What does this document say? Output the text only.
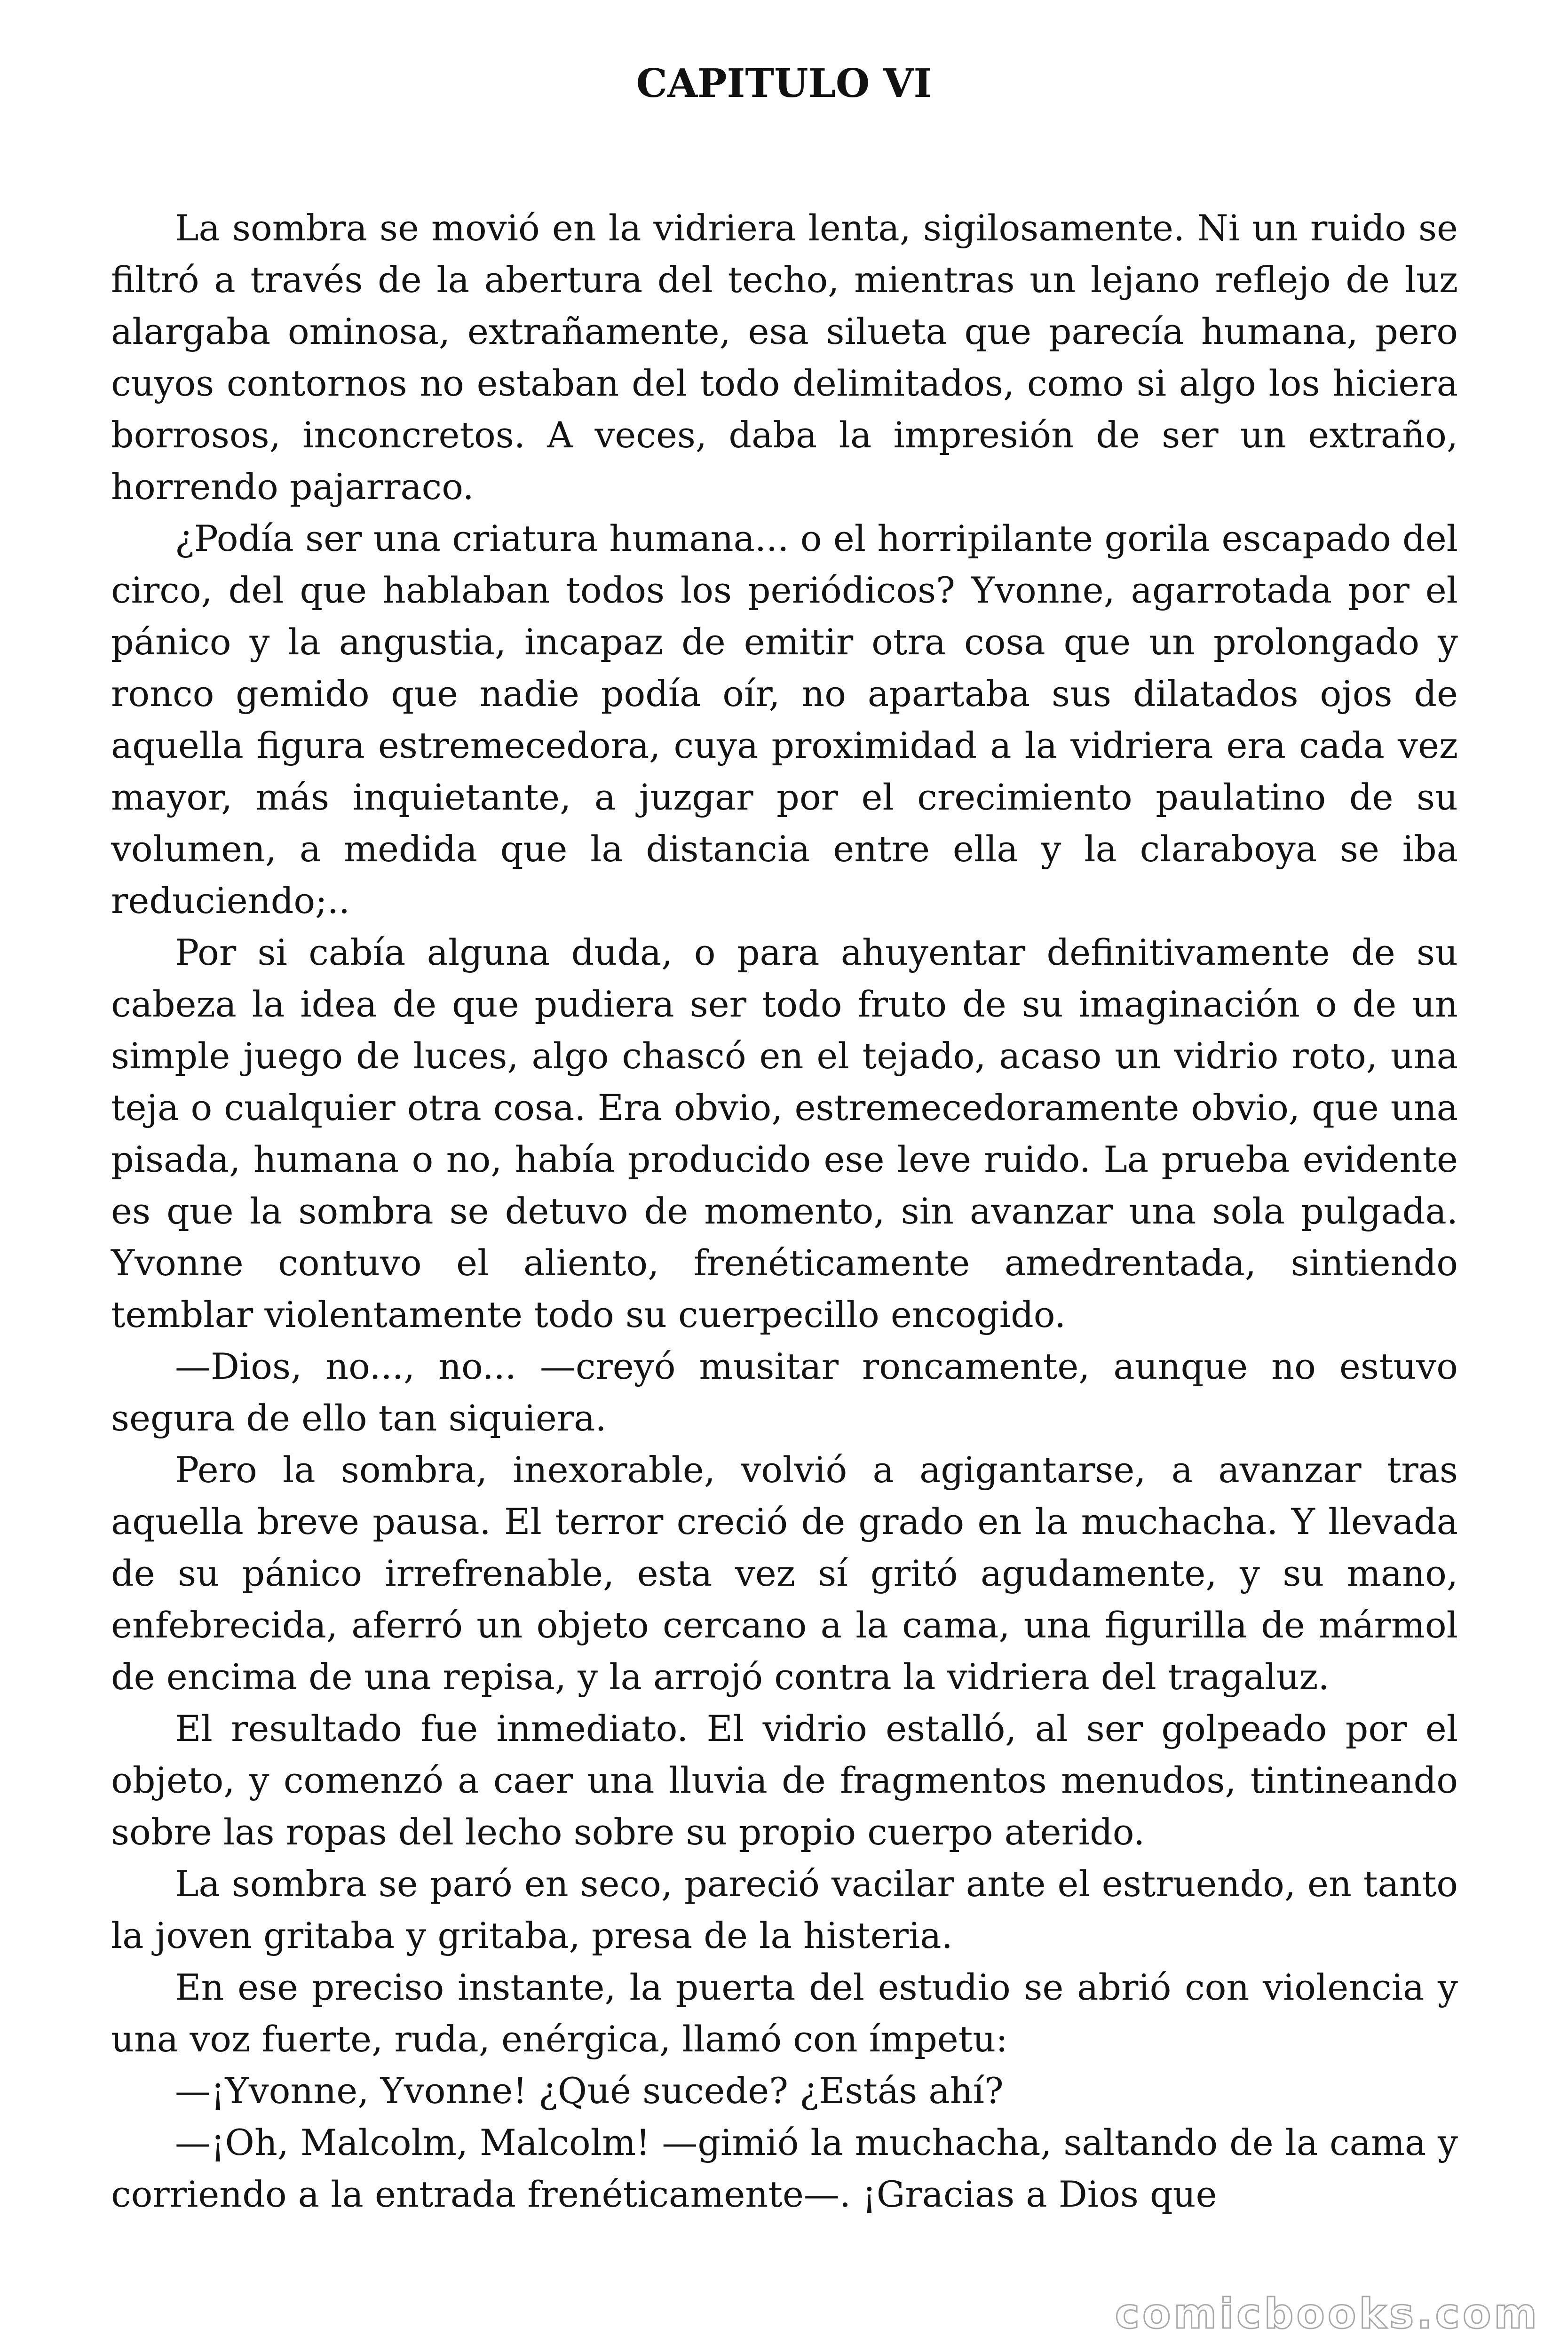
CAPITULO VI

La sombra se movió en la vidriera lenta, sigilosamente. Ni un ruido se filtró a través de la abertura del techo, mientras un lejano reflejo de luz alargaba ominosa, extrañamente, esa silueta que parecía humana, pero cuyos contornos no estaban del todo delimitados, como si algo los hiciera borrosos, inconcretos. A veces, daba la impresión de ser un extraño, horrendo pajarraco.

¿Podía ser una criatura humana... o el horripilante gorila escapado del circo, del que hablaban todos los periódicos? Yvonne, agarrotada por el pánico y la angustia, incapaz de emitir otra cosa que un prolongado y ronco gemido que nadie podía oír, no apartaba sus dilatados ojos de aquella figura estremecedora, cuya proximidad a la vidriera era cada vez mayor, más inquietante, a juzgar por el crecimiento paulatino de su volumen, a medida que la distancia entre ella y la claraboya se iba reduciendo;..

Por si cabía alguna duda, o para ahuyentar definitivamente de su cabeza la idea de que pudiera ser todo fruto de su imaginación o de un simple juego de luces, algo chascó en el tejado, acaso un vidrio roto, una teja o cualquier otra cosa. Era obvio, estremecedoramente obvio, que una pisada, humana o no, había producido ese leve ruido. La prueba evidente es que la sombra se detuvo de momento, sin avanzar una sola pulgada. Yvonne contuvo el aliento, frenéticamente amedrentada, sintiendo temblar violentamente todo su cuerpecillo encogido.

—Dios, no..., no... —creyó musitar roncamente, aunque no estuvo segura de ello tan siquiera.

Pero la sombra, inexorable, volvió a agigantarse, a avanzar tras aquella breve pausa. El terror creció de grado en la muchacha. Y llevada de su pánico irrefrenable, esta vez sí gritó agudamente, y su mano, enfebrecida, aferró un objeto cercano a la cama, una figurilla de mármol de encima de una repisa, y la arrojó contra la vidriera del tragaluz.

El resultado fue inmediato. El vidrio estalló, al ser golpeado por el objeto, y comenzó a caer una lluvia de fragmentos menudos, tintineando sobre las ropas del lecho sobre su propio cuerpo aterido.

La sombra se paró en seco, pareció vacilar ante el estruendo, en tanto la joven gritaba y gritaba, presa de la histeria.

En ese preciso instante, la puerta del estudio se abrió con violencia y una voz fuerte, ruda, enérgica, llamó con ímpetu:

—¡Yvonne, Yvonne! ¿Qué sucede? ¿Estás ahí?

—¡Oh, Malcolm, Malcolm! —gimió la muchacha, saltando de la cama y corriendo a la entrada frenéticamente—. ¡Gracias a Dios que

comicbooks.com
